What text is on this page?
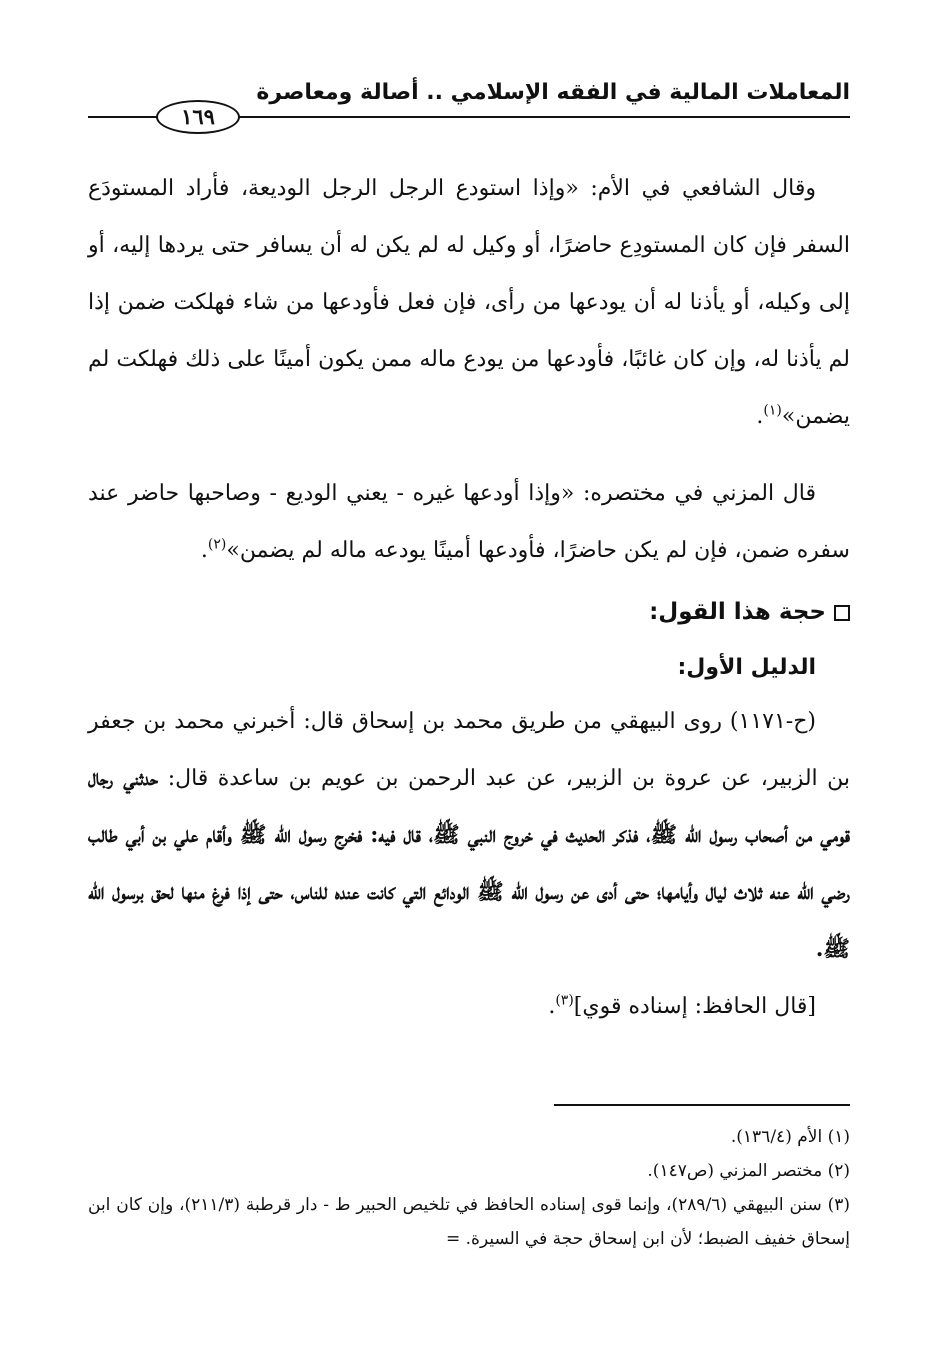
المعاملات المالية في الفقه الإسلامي .. أصالة ومعاصرة
١٦٩

وقال الشافعي في الأم: «وإذا استودع الرجل الرجل الوديعة، فأراد المستودَع السفر فإن كان المستودِع حاضرًا، أو وكيل له لم يكن له أن يسافر حتى يردها إليه، أو إلى وكيله، أو يأذنا له أن يودعها من رأى، فإن فعل فأودعها من شاء فهلكت ضمن إذا لم يأذنا له، وإن كان غائبًا، فأودعها من يودع ماله ممن يكون أمينًا على ذلك فهلكت لم يضمن»$^{(١)}$.

قال المزني في مختصره: «وإذا أودعها غيره - يعني الوديع - وصاحبها حاضر عند سفره ضمن، فإن لم يكن حاضرًا، فأودعها أمينًا يودعه ماله لم يضمن»$^{(٢)}$.

حجة هذا القول:
الدليل الأول:

(ح-١١٧١) روى البيهقي من طريق محمد بن إسحاق قال: أخبرني محمد بن جعفر بن الزبير، عن عروة بن الزبير، عن عبد الرحمن بن عويم بن ساعدة قال: حدثني رجال قومي من أصحاب رسول الله ﷺ، فذكر الحديث في خروج النبي ﷺ، قال فيه: فخرج رسول الله ﷺ وأقام علي بن أبي طالب رضي الله عنه ثلاث ليال وأيامها؛ حتى أدى عن رسول الله ﷺ الودائع التي كانت عنده للناس، حتى إذا فرغ منها لحق برسول الله ﷺ.

[قال الحافظ: إسناده قوي]$^{(٣)}$.

(١) الأم (١٣٦/٤).

(٢) مختصر المزني (ص١٤٧).

(٣) سنن البيهقي (٢٨٩/٦)، وإنما قوى إسناده الحافظ في تلخيص الحبير ط - دار قرطبة (٢١١/٣)، وإن كان ابن إسحاق خفيف الضبط؛ لأن ابن إسحاق حجة في السيرة. =
